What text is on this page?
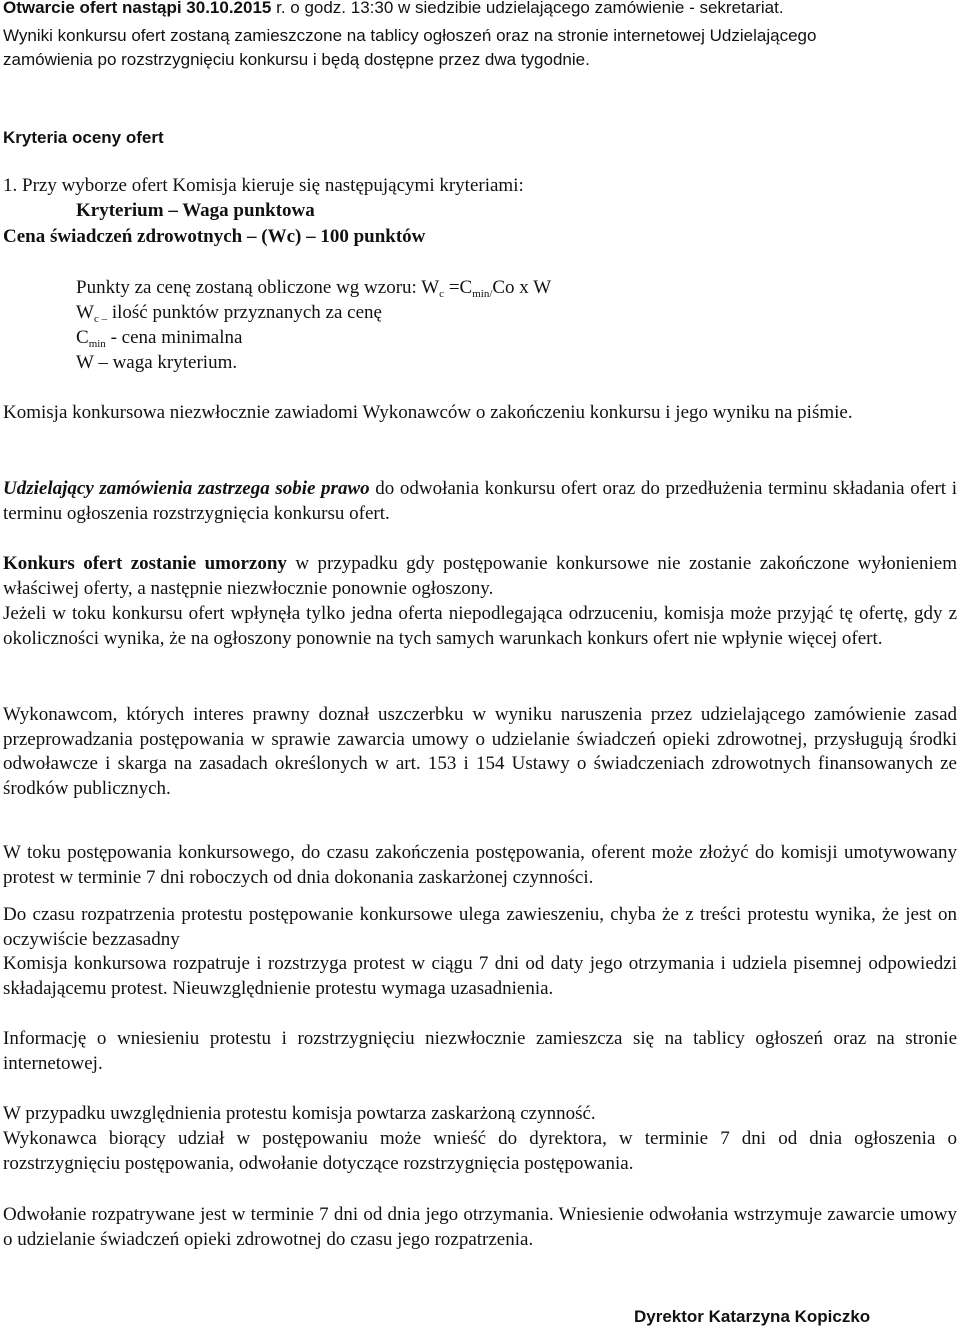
Otwarcie ofert nastąpi 30.10.2015 r. o godz. 13:30 w siedzibie udzielającego zamówienie - sekretariat.

Wyniki konkursu ofert zostaną zamieszczone na tablicy ogłoszeń oraz na stronie internetowej Udzielającego
zamówienia po rozstrzygnięciu konkursu i będą dostępne przez dwa tygodnie.

Kryteria oceny ofert

1. Przy wyborze ofert Komisja kieruje się następującymi kryteriami:

Kryterium – Waga punktowa

Cena świadczeń zdrowotnych – (Wc) – 100 punktów

Punkty za cenę zostaną obliczone wg wzoru: $W_c =C_{min/}Co$ x W

$W_{c -}$ ilość punktów przyznanych za cenę

$C_{min}$ - cena minimalna

W – waga kryterium.

Komisja konkursowa niezwłocznie zawiadomi Wykonawców o zakończeniu konkursu i jego wyniku na piśmie.

Udzielający zamówienia zastrzega sobie prawo do odwołania konkursu ofert oraz do przedłużenia terminu składania ofert i terminu ogłoszenia rozstrzygnięcia konkursu ofert.

Konkurs ofert zostanie umorzony w przypadku gdy postępowanie konkursowe nie zostanie zakończone wyłonieniem właściwej oferty, a następnie niezwłocznie ponownie ogłoszony.

Jeżeli w toku konkursu ofert wpłynęła tylko jedna oferta niepodlegająca odrzuceniu, komisja może przyjąć tę ofertę, gdy z okoliczności wynika, że na ogłoszony ponownie na tych samych warunkach konkurs ofert nie wpłynie więcej ofert.

Wykonawcom, których interes prawny doznał uszczerbku w wyniku naruszenia przez udzielającego zamówienie zasad przeprowadzania postępowania w sprawie zawarcia umowy o udzielanie świadczeń opieki zdrowotnej, przysługują środki odwoławcze i skarga na zasadach określonych w art. 153 i 154 Ustawy o świadczeniach zdrowotnych finansowanych ze środków publicznych.

W toku postępowania konkursowego, do czasu zakończenia postępowania, oferent może złożyć do komisji umotywowany protest w terminie 7 dni roboczych od dnia dokonania zaskarżonej czynności.

Do czasu rozpatrzenia protestu postępowanie konkursowe ulega zawieszeniu, chyba że z treści protestu wynika, że jest on oczywiście bezzasadny

Komisja konkursowa rozpatruje i rozstrzyga protest w ciągu 7 dni od daty jego otrzymania i udziela pisemnej odpowiedzi składającemu protest. Nieuwzględnienie protestu wymaga uzasadnienia.

Informację o wniesieniu protestu i rozstrzygnięciu niezwłocznie zamieszcza się na tablicy ogłoszeń oraz na stronie internetowej.

W przypadku uwzględnienia protestu komisja powtarza zaskarżoną czynność.

Wykonawca biorący udział w postępowaniu może wnieść do dyrektora, w terminie 7 dni od dnia ogłoszenia o rozstrzygnięciu postępowania, odwołanie dotyczące rozstrzygnięcia postępowania.

Odwołanie rozpatrywane jest w terminie 7 dni od dnia jego otrzymania. Wniesienie odwołania wstrzymuje zawarcie umowy o udzielanie świadczeń opieki zdrowotnej do czasu jego rozpatrzenia.

Dyrektor Katarzyna Kopiczko
